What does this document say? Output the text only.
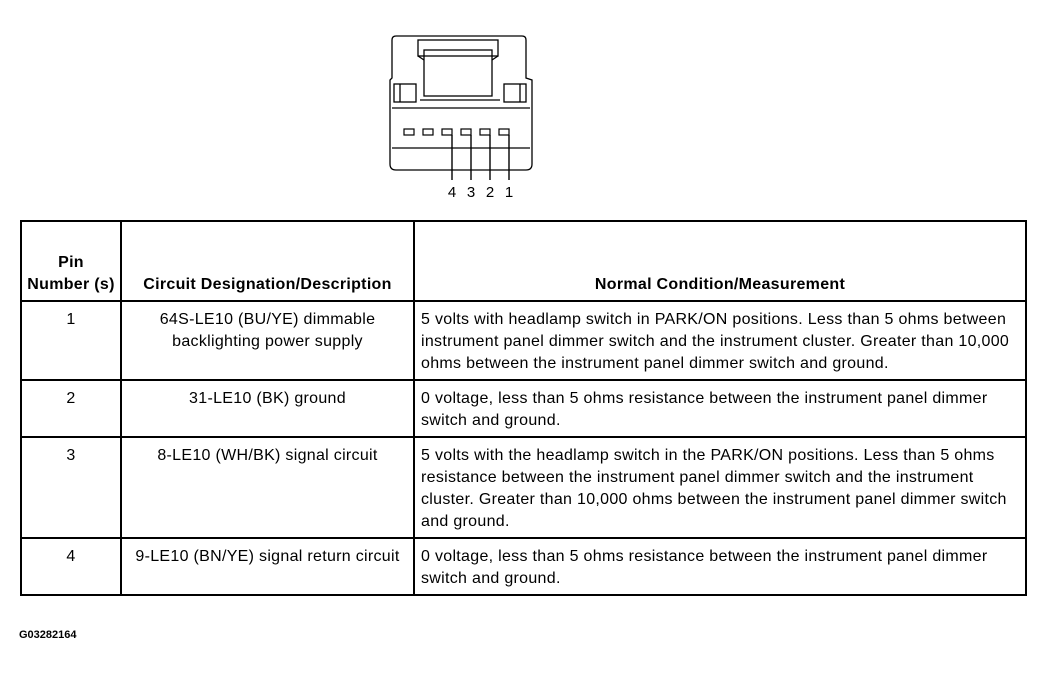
4 3 2 1
Pin Number (s)	Circuit Designation/Description	Normal Condition/Measurement
1	64S-LE10 (BU/YE) dimmable backlighting power supply	5 volts with headlamp switch in PARK/ON positions. Less than 5 ohms between instrument panel dimmer switch and the instrument cluster. Greater than 10,000 ohms between the instrument panel dimmer switch and ground.
2	31-LE10 (BK) ground	0 voltage, less than 5 ohms resistance between the instrument panel dimmer switch and ground.
3	8-LE10 (WH/BK) signal circuit	5 volts with the headlamp switch in the PARK/ON positions. Less than 5 ohms resistance between the instrument panel dimmer switch and the instrument cluster. Greater than 10,000 ohms between the instrument panel dimmer switch and ground.
4	9-LE10 (BN/YE) signal return circuit	0 voltage, less than 5 ohms resistance between the instrument panel dimmer switch and ground.
G03282164
